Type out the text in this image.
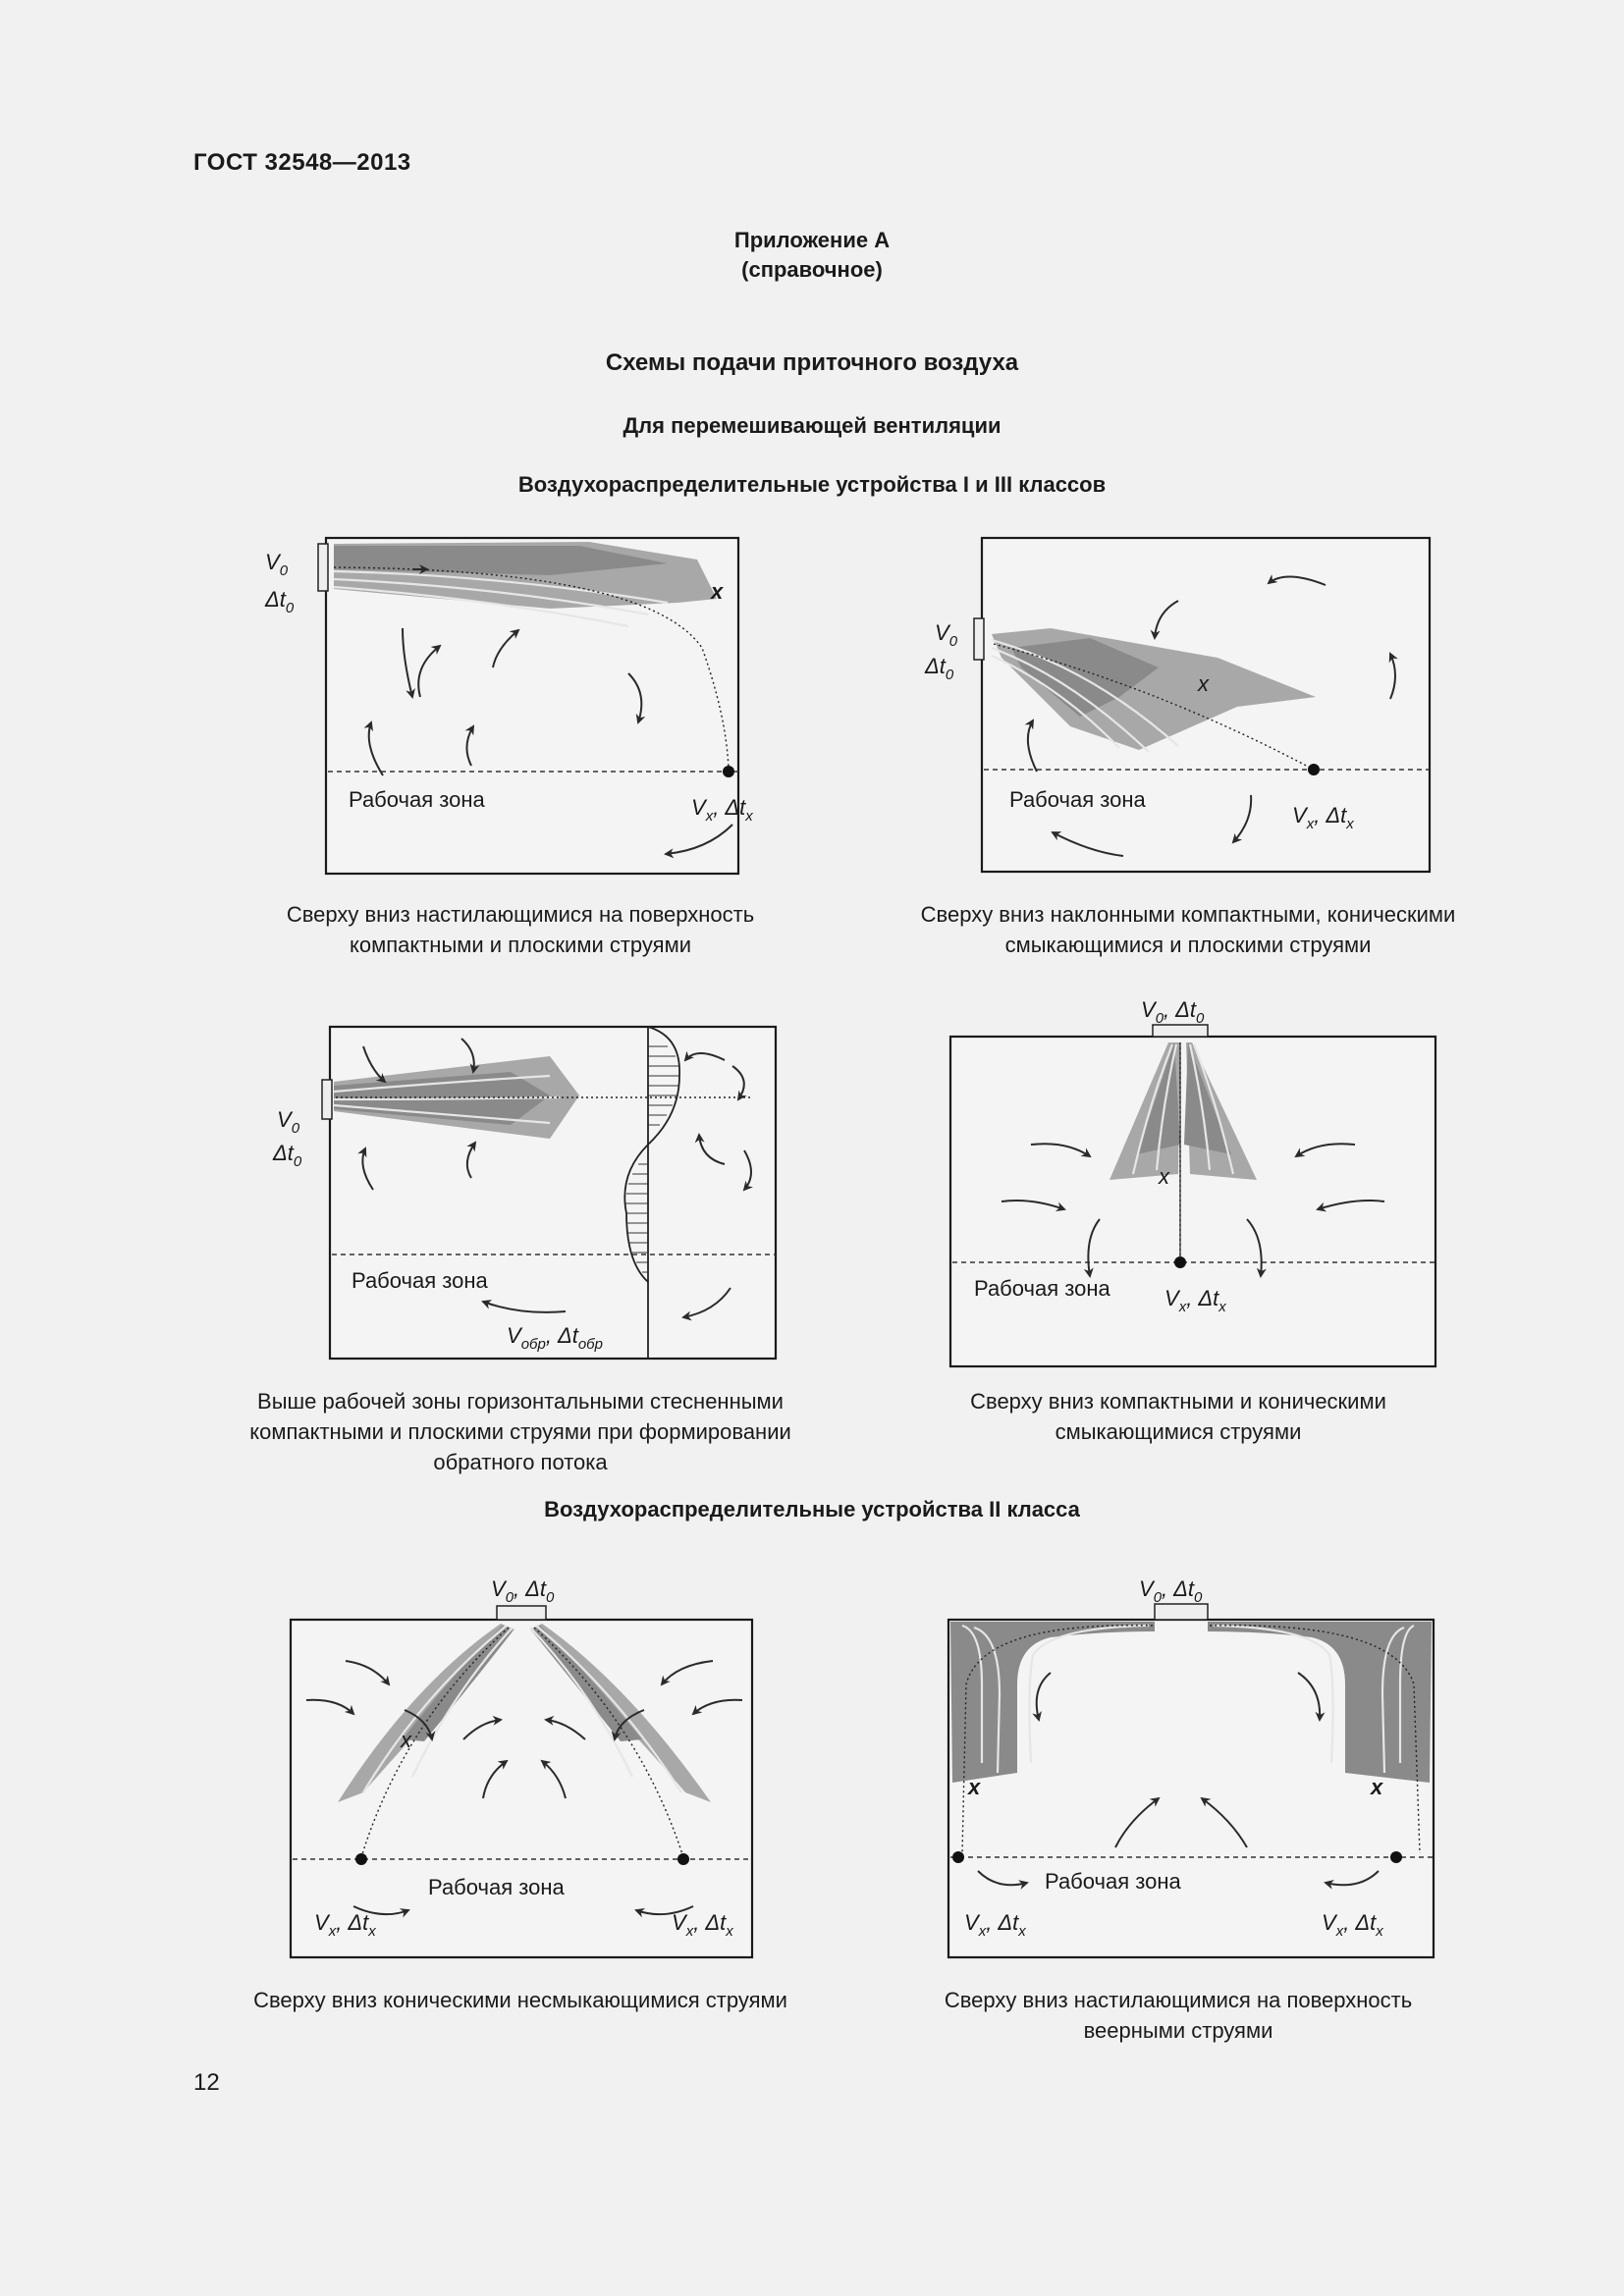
ГОСТ 32548—2013
Приложение А
(справочное)
Схемы подачи приточного воздуха
Для перемешивающей вентиляции
Воздухораспределительные устройства I и III классов
Воздухораспределительные устройства II класса
x
$V_0$
$\Delta t_0$
Рабочая зона	$V_x$, $\Delta t_x$
Сверху вниз настилающимися на поверхность
компактными и плоскими струями
x
$V_0$
$\Delta t_0$
Рабочая зона
$V_x$, $\Delta t_x$
Сверху вниз наклонными компактными, коническими
смыкающимися и плоскими струями
$V_0$
$\Delta t_0$
Рабочая зона
$V_{обр}$, $\Delta t_{обр}$
Выше рабочей зоны горизонтальными стесненными
компактными и плоскими струями при формировании
обратного потока
x
$V_0$, $\Delta t_0$
Рабочая зона	$V_x$, $\Delta t_x$
Сверху вниз компактными и коническими
смыкающимися струями
x
$V_0$, $\Delta t_0$
Рабочая зона
$V_x$, $\Delta t_x$	$V_x$, $\Delta t_x$
Сверху вниз коническими несмыкающимися струями
x	x
$V_0$, $\Delta t_0$
Рабочая зона
$V_x$, $\Delta t_x$	$V_x$, $\Delta t_x$
Сверху вниз настилающимися на поверхность
веерными струями
12
